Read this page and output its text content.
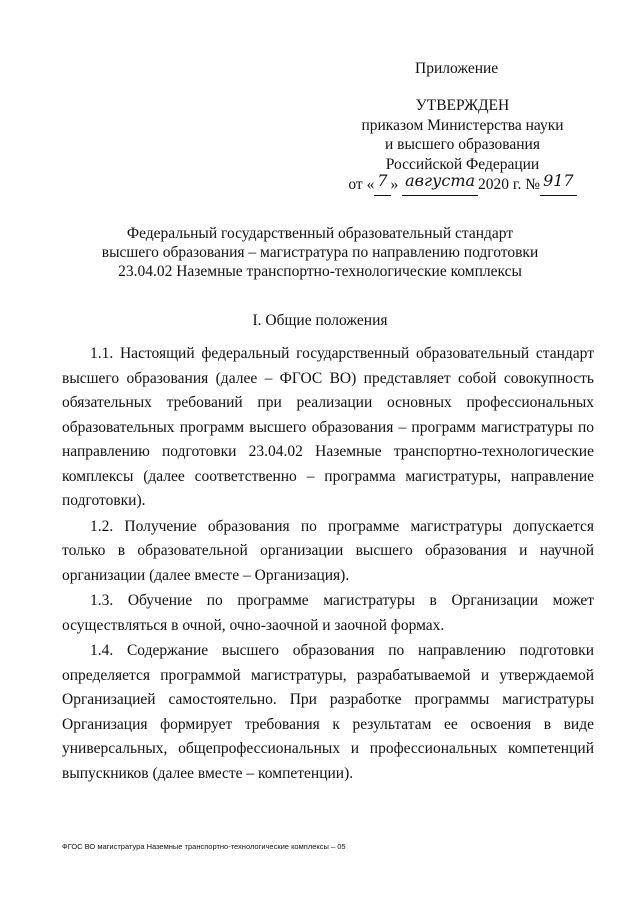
Приложение
УТВЕРЖДЕН
приказом Министерства науки
и высшего образования
Российской Федерации
от « 7 » августа 2020 г. № 917
Федеральный государственный образовательный стандарт
высшего образования – магистратура по направлению подготовки
23.04.02 Наземные транспортно-технологические комплексы
I. Общие положения

1.1. Настоящий федеральный государственный образовательный стандарт высшего образования (далее – ФГОС ВО) представляет собой совокупность обязательных требований при реализации основных профессиональных образовательных программ высшего образования – программ магистратуры по направлению подготовки 23.04.02 Наземные транспортно-технологические комплексы (далее соответственно – программа магистратуры, направление подготовки).

1.2. Получение образования по программе магистратуры допускается только в образовательной организации высшего образования и научной организации (далее вместе – Организация).

1.3. Обучение по программе магистратуры в Организации может осуществляться в очной, очно-заочной и заочной формах.

1.4. Содержание высшего образования по направлению подготовки определяется программой магистратуры, разрабатываемой и утверждаемой Организацией самостоятельно. При разработке программы магистратуры Организация формирует требования к результатам ее освоения в виде универсальных, общепрофессиональных и профессиональных компетенций выпускников (далее вместе – компетенции).

ФГОС ВО магистратура Наземные транспортно-технологические комплексы – 05
